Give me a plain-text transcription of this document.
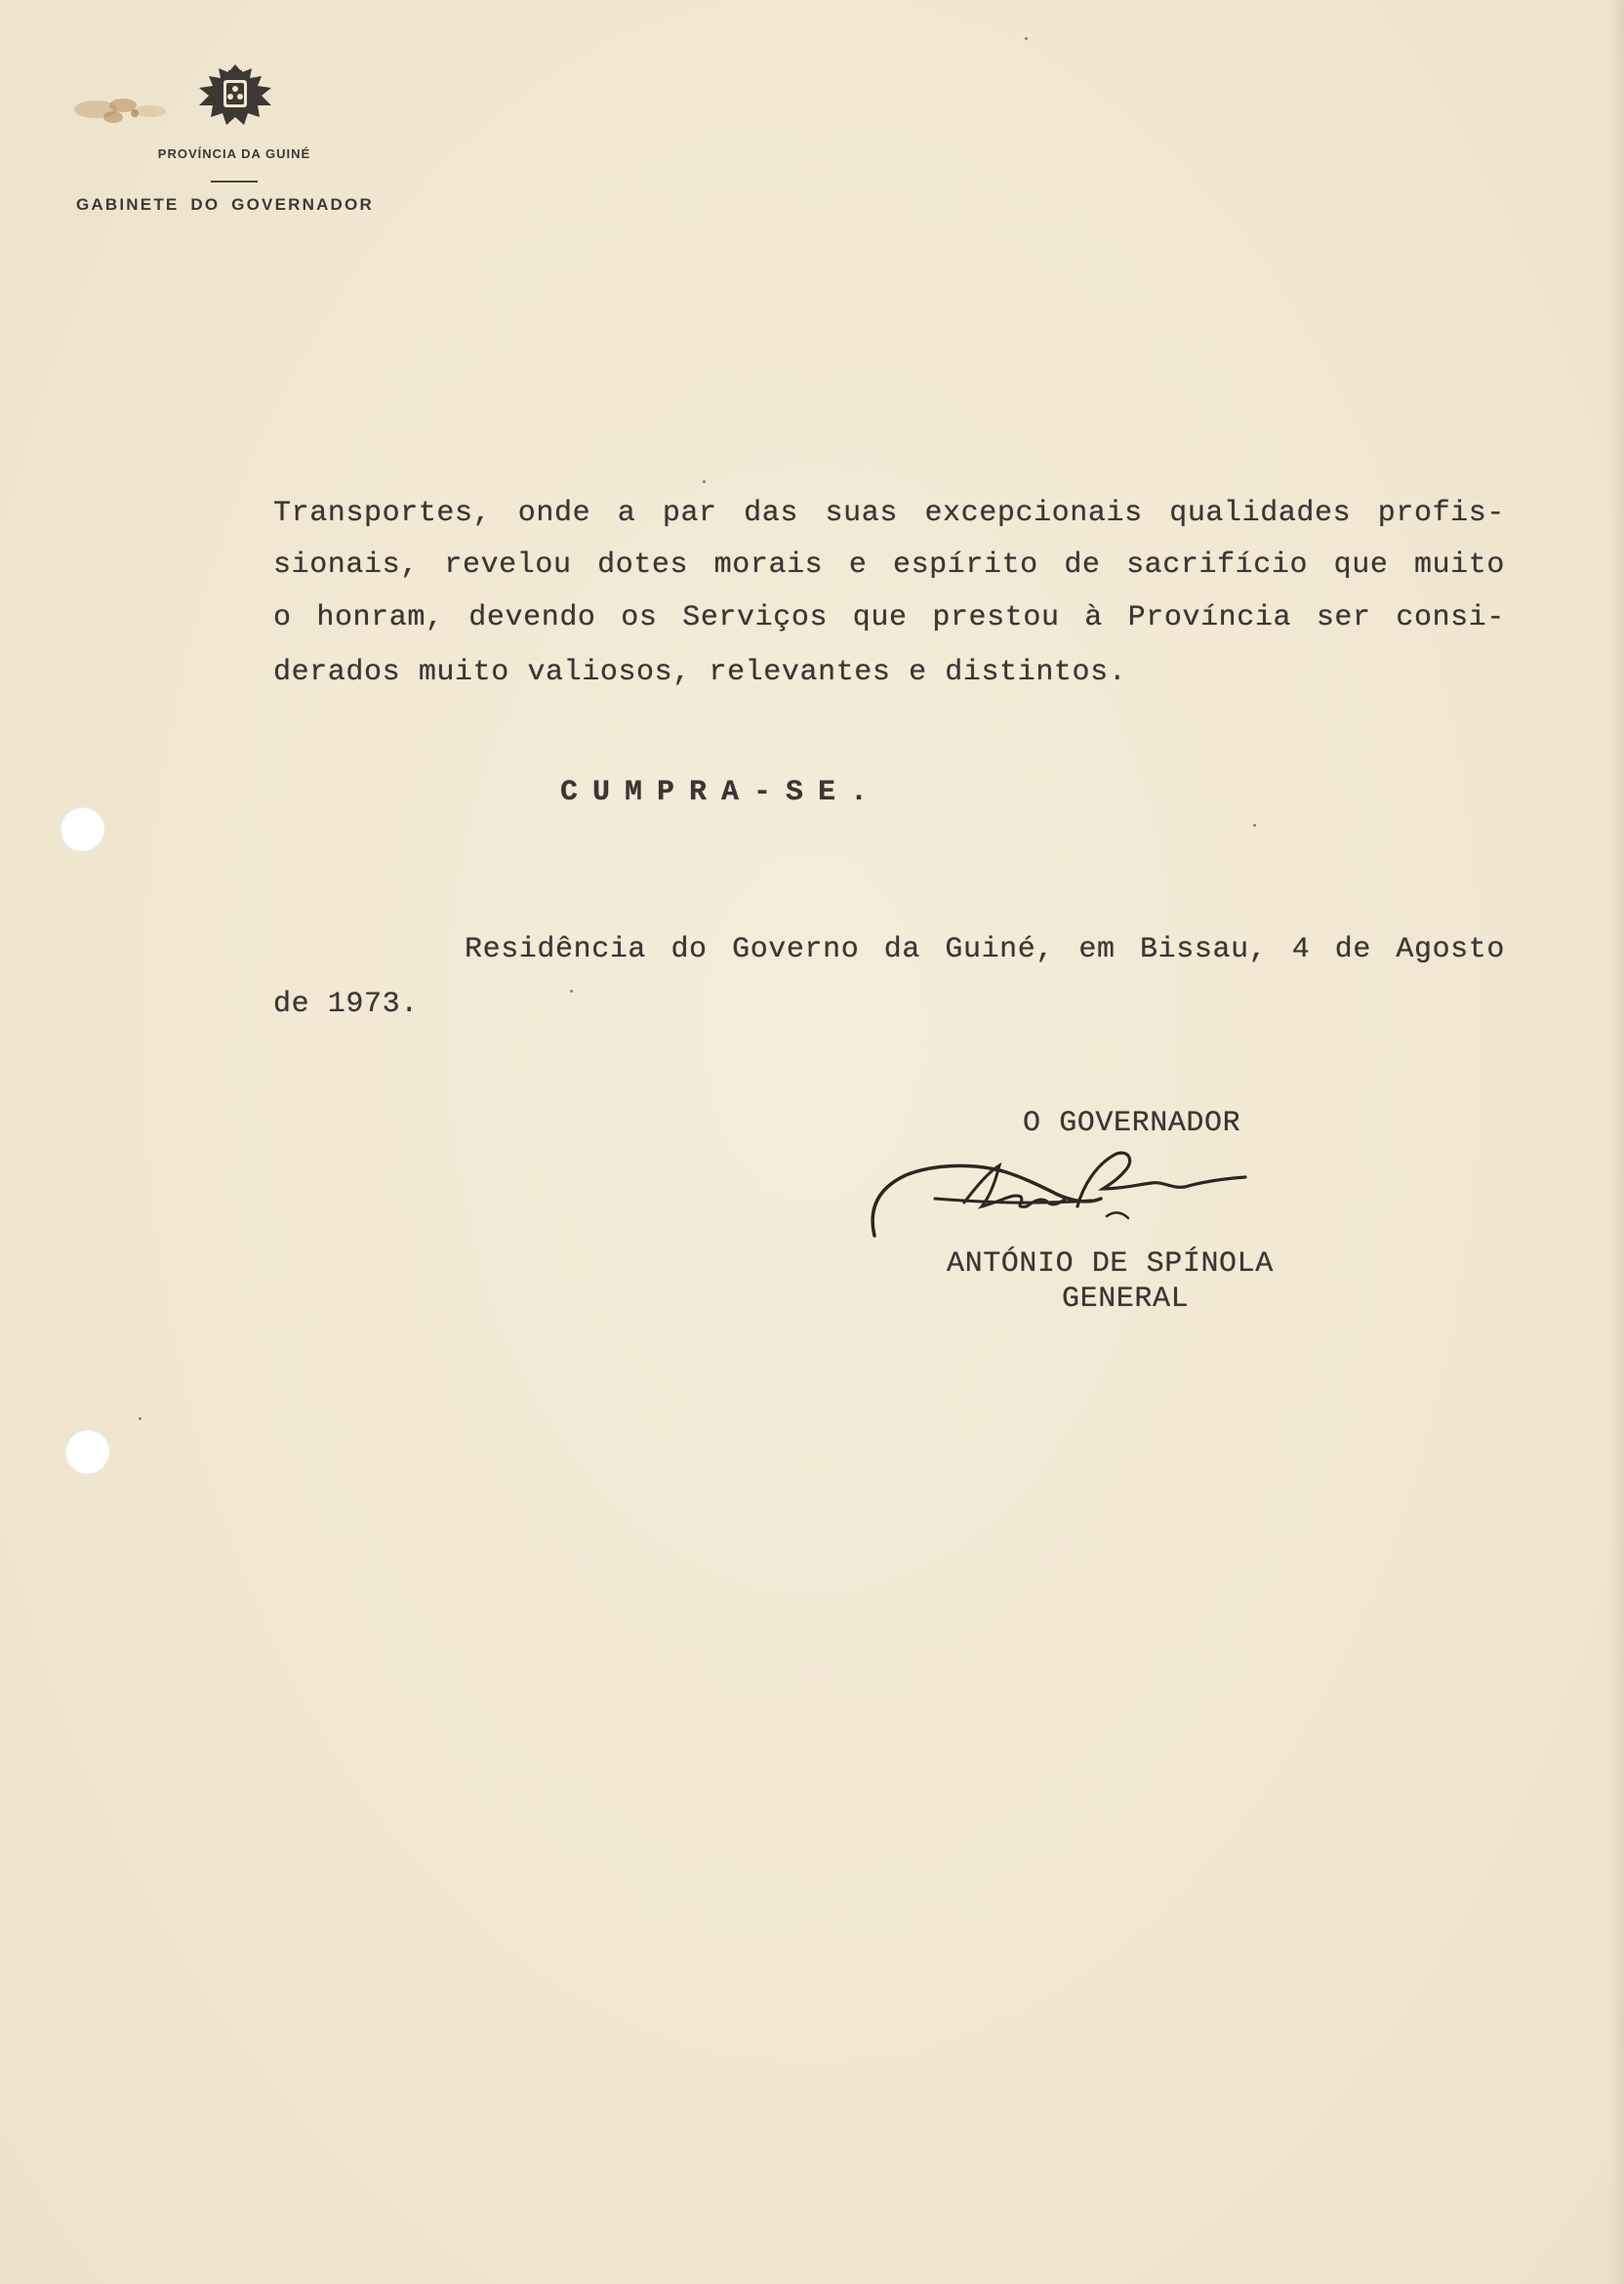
PROVÍNCIA DA GUINÉ
GABINETE DO GOVERNADOR
Transportes, onde a par das suas excepcionais qualidades profis-
sionais, revelou dotes morais e espírito de sacrifício que muito
o honram, devendo os Serviços que prestou à Província ser consi-
derados muito valiosos, relevantes e distintos.
CUMPRA-SE.
Residência do Governo da Guiné, em Bissau, 4 de Agosto
de 1973.
O GOVERNADOR
ANTÓNIO DE SPÍNOLA
GENERAL
